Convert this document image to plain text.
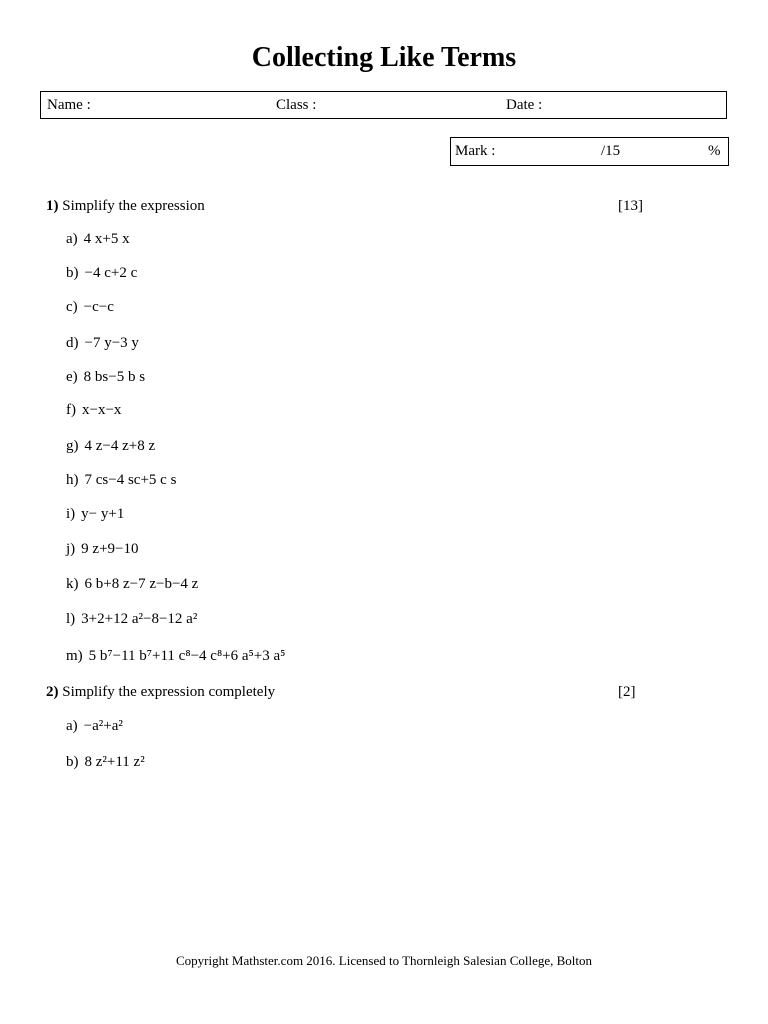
Collecting Like Terms
Name :	Class :	Date :
Mark :	/15	%
1) Simplify the expression	[13]
a) 4 x+5 x
b) −4 c+2 c
c) −c−c
d) −7 y−3 y
e) 8 bs−5 b s
f) x−x−x
g) 4 z−4 z+8 z
h) 7 cs−4 sc+5 c s
i) y− y+1
j) 9 z+9−10
k) 6 b+8 z−7 z−b−4 z
l) 3+2+12 a²−8−12 a²
m) 5 b⁷−11 b⁷+11 c⁸−4 c⁸+6 a⁵+3 a⁵
2) Simplify the expression completely	[2]
a) −a²+a²
b) 8 z²+11 z²
Copyright Mathster.com 2016. Licensed to Thornleigh Salesian College, Bolton
